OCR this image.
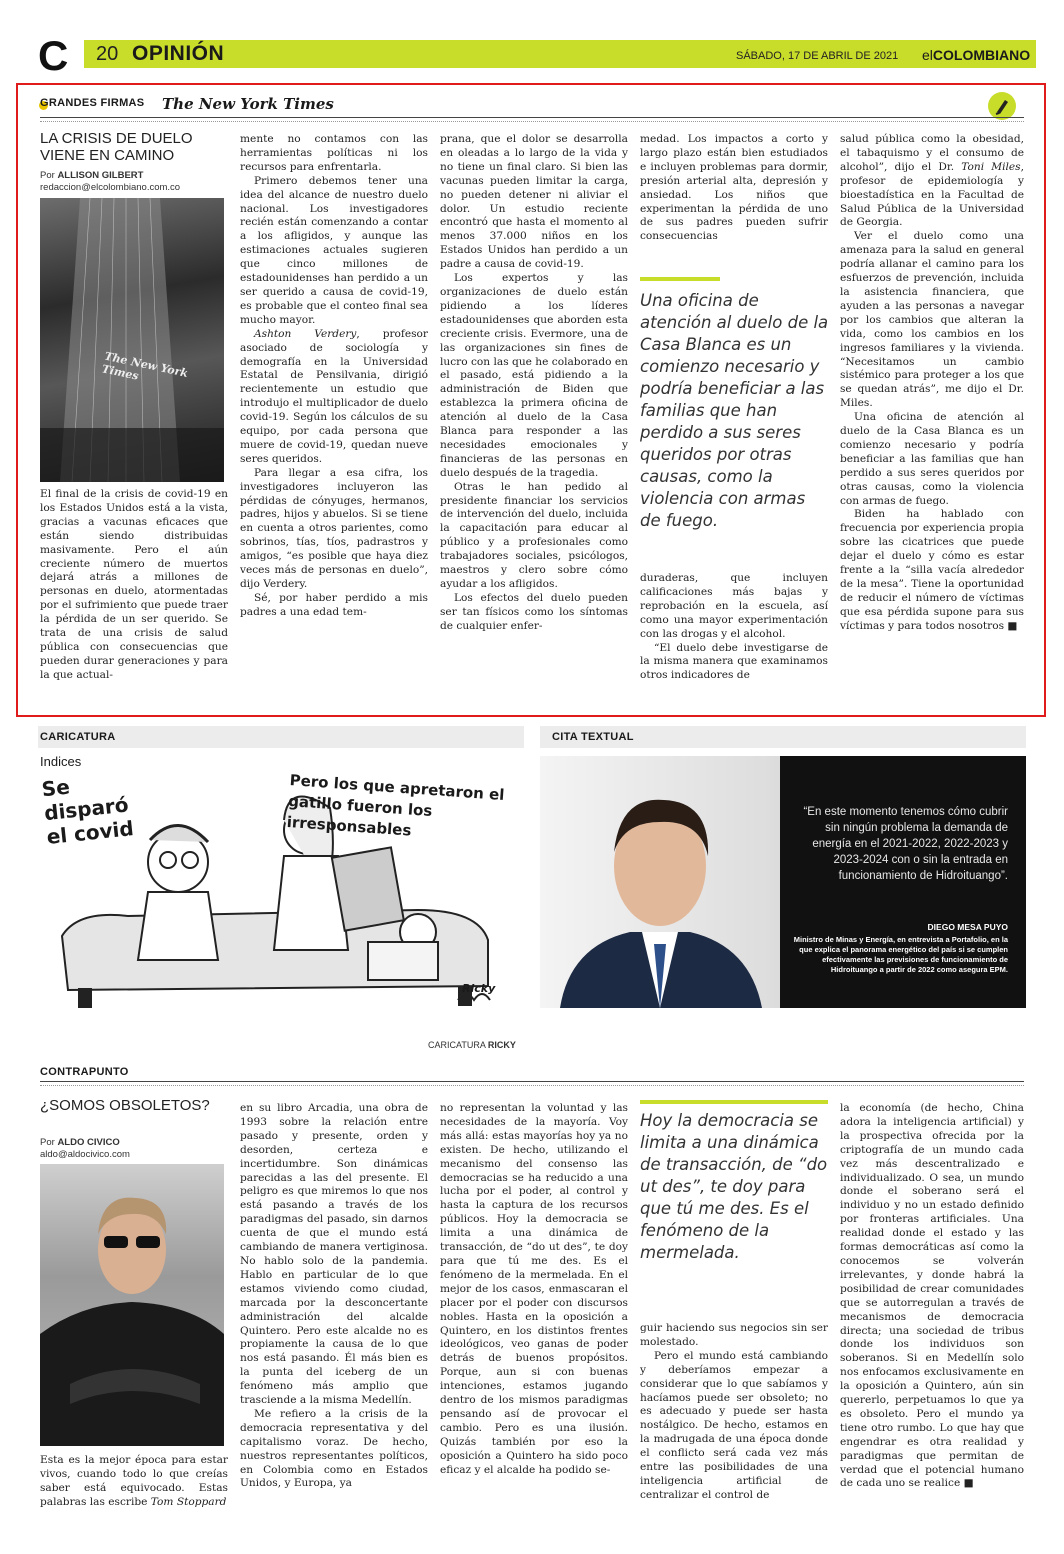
C	20 OPINIÓN	SÁBADO, 17 DE ABRIL DE 2021 elCOLOMBIANO
GRANDES FIRMAS The New York Times
LA CRISIS DE DUELO VIENE EN CAMINO
Por ALLISON GILBERT
redaccion@elcolombiano.com.co
The New York Times

El final de la crisis de covid-19 en los Estados Unidos está a la vista, gracias a vacunas eficaces que están siendo distribuidas masivamente. Pero el aún creciente número de muertos dejará atrás a millones de personas en duelo, atormentadas por el sufrimiento que puede traer la pérdida de un ser querido. Se trata de una crisis de salud pública con consecuencias que pueden durar generaciones y para la que actual-

mente no contamos con las herramientas políticas ni los recursos para enfrentarla.

Primero debemos tener una idea del alcance de nuestro duelo nacional. Los investigadores recién están comenzando a contar a los afligidos, y aunque las estimaciones actuales sugieren que cinco millones de estadounidenses han perdido a un ser querido a causa de covid-19, es probable que el conteo final sea mucho mayor.

Ashton Verdery, profesor asociado de sociología y demografía en la Universidad Estatal de Pensilvania, dirigió recientemente un estudio que introdujo el multiplicador de duelo covid-19. Según los cálculos de su equipo, por cada persona que muere de covid-19, quedan nueve seres queridos.

Para llegar a esa cifra, los investigadores incluyeron las pérdidas de cónyuges, hermanos, padres, hijos y abuelos. Si se tiene en cuenta a otros parientes, como sobrinos, tías, tíos, padrastros y amigos, “es posible que haya diez veces más de personas en duelo”, dijo Verdery.

Sé, por haber perdido a mis padres a una edad tem-

prana, que el dolor se desarrolla en oleadas a lo largo de la vida y no tiene un final claro. Si bien las vacunas pueden limitar la carga, no pueden detener ni aliviar el dolor. Un estudio reciente encontró que hasta el momento al menos 37.000 niños en los Estados Unidos han perdido a un padre a causa de covid-19.

Los expertos y las organizaciones de duelo están pidiendo a los líderes estadounidenses que aborden esta creciente crisis. Evermore, una de las organizaciones sin fines de lucro con las que he colaborado en el pasado, está pidiendo a la administración de Biden que establezca la primera oficina de atención al duelo de la Casa Blanca para responder a las necesidades emocionales y financieras de las personas en duelo después de la tragedia.

Otras le han pedido al presidente financiar los servicios de intervención del duelo, incluida la capacitación para educar al público y a profesionales como trabajadores sociales, psicólogos, maestros y clero sobre cómo ayudar a los afligidos.

Los efectos del duelo pueden ser tan físicos como los síntomas de cualquier enfer-

medad. Los impactos a corto y largo plazo están bien estudiados e incluyen problemas para dormir, presión arterial alta, depresión y ansiedad. Los niños que experimentan la pérdida de uno de sus padres pueden sufrir consecuencias

Una oficina de atención al duelo de la Casa Blanca es un comienzo necesario y podría beneficiar a las familias que han perdido a sus seres queridos por otras causas, como la violencia con armas de fuego.

duraderas, que incluyen calificaciones más bajas y reprobación en la escuela, así como una mayor experimentación con las drogas y el alcohol.

“El duelo debe investigarse de la misma manera que examinamos otros indicadores de

salud pública como la obesidad, el tabaquismo y el consumo de alcohol”, dijo el Dr. Toni Miles, profesor de epidemiología y bioestadística en la Facultad de Salud Pública de la Universidad de Georgia.

Ver el duelo como una amenaza para la salud en general podría allanar el camino para los esfuerzos de prevención, incluida la asistencia financiera, que ayuden a las personas a navegar por los cambios que alteran la vida, como los cambios en los ingresos familiares y la vivienda. “Necesitamos un cambio sistémico para proteger a los que se quedan atrás”, me dijo el Dr. Miles.

Una oficina de atención al duelo de la Casa Blanca es un comienzo necesario y podría beneficiar a las familias que han perdido a sus seres queridos por otras causas, como la violencia con armas de fuego.

Biden ha hablado con frecuencia por experiencia propia sobre las cicatrices que puede dejar el duelo y cómo es estar frente a la “silla vacía alrededor de la mesa”. Tiene la oportunidad de reducir el número de víctimas que esa pérdida supone para sus víctimas y para todos nosotros ■

CARICATURA
Indices
Se disparó el covid
Pero los que apretaron el gatillo fueron los irresponsables
Ricky
CARICATURA RICKY
CITA TEXTUAL
“En este momento tenemos cómo cubrir sin ningún problema la demanda de energía en el 2021-2022, 2022-2023 y 2023-2024 con o sin la entrada en funcionamiento de Hidroituango”.
DIEGO MESA PUYO
Ministro de Minas y Energía, en entrevista a Portafolio, en la que explica el panorama energético del país si se cumplen efectivamente las previsiones de funcionamiento de Hidroituango a partir de 2022 como asegura EPM.
CONTRAPUNTO
¿SOMOS OBSOLETOS?
Por ALDO CIVICO
aldo@aldocivico.com

Esta es la mejor época para estar vivos, cuando todo lo que creías saber está equivocado. Estas palabras las escribe Tom Stoppard

en su libro Arcadia, una obra de 1993 sobre la relación entre pasado y presente, orden y desorden, certeza e incertidumbre. Son dinámicas parecidas a las del presente. El peligro es que miremos lo que nos está pasando a través de los paradigmas del pasado, sin darnos cuenta de que el mundo está cambiando de manera vertiginosa. No hablo solo de la pandemia. Hablo en particular de lo que estamos viviendo como ciudad, marcada por la desconcertante administración del alcalde Quintero. Pero este alcalde no es propiamente la causa de lo que nos está pasando. Él más bien es la punta del iceberg de un fenómeno más amplio que trasciende a la misma Medellín.

Me refiero a la crisis de la democracia representativa y del capitalismo voraz. De hecho, nuestros representantes políticos, en Colombia como en Estados Unidos, y Europa, ya

no representan la voluntad y las necesidades de la mayoría. Voy más allá: estas mayorías hoy ya no existen. De hecho, utilizando el mecanismo del consenso las democracias se ha reducido a una lucha por el poder, al control y hasta la captura de los recursos públicos. Hoy la democracia se limita a una dinámica de transacción, de “do ut des”, te doy para que tú me des. Es el fenómeno de la mermelada. En el mejor de los casos, enmascaran el placer por el poder con discursos nobles. Hasta en la oposición a Quintero, en los distintos frentes ideológicos, veo ganas de poder detrás de buenos propósitos. Porque, aun si con buenas intenciones, estamos jugando dentro de los mismos paradigmas pensando así de provocar el cambio. Pero es una ilusión. Quizás también por eso la oposición a Quintero ha sido poco eficaz y el alcalde ha podido se-

Hoy la democracia se limita a una dinámica de transacción, de “do ut des”, te doy para que tú me des. Es el fenómeno de la mermelada.

guir haciendo sus negocios sin ser molestado.

Pero el mundo está cambiando y deberíamos empezar a considerar que lo que sabíamos y hacíamos puede ser obsoleto; no es adecuado y puede ser hasta nostálgico. De hecho, estamos en la madrugada de una época donde el conflicto será cada vez más entre las posibilidades de una inteligencia artificial de centralizar el control de

la economía (de hecho, China adora la inteligencia artificial) y la prospectiva ofrecida por la criptografía de un mundo cada vez más descentralizado e individualizado. O sea, un mundo donde el soberano será el individuo y no un estado definido por fronteras artificiales. Una realidad donde el estado y las formas democráticas así como la conocemos se volverán irrelevantes, y donde habrá la posibilidad de crear comunidades que se autorregulan a través de mecanismos de democracia directa; una sociedad de tribus donde los individuos son soberanos. Si en Medellín solo nos enfocamos exclusivamente en la oposición a Quintero, aún sin quererlo, perpetuamos lo que ya es obsoleto. Pero el mundo ya tiene otro rumbo. Lo que hay que engendrar es otra realidad y paradigmas que permitan de verdad que el potencial humano de cada uno se realice ■
